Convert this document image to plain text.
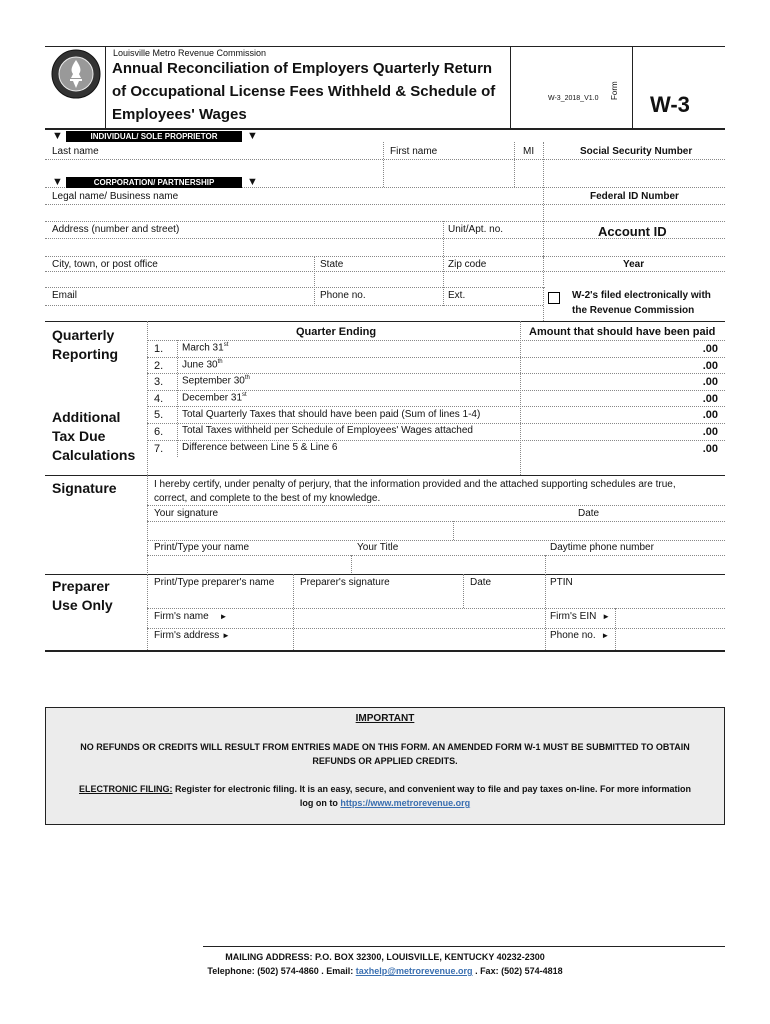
Louisville Metro Revenue Commission
Annual Reconciliation of Employers Quarterly Return
of Occupational License Fees Withheld & Schedule of
Employees' Wages
W-3_2018_V1.0 Form
W-3
▼	INDIVIDUAL/ SOLE PROPRIETOR	▼
Last name	First name	MI	Social Security Number
▼	CORPORATION/ PARTNERSHIP	▼
Legal name/ Business name	Federal ID Number
Address (number and street)	Unit/Apt. no.	Account ID
City, town, or post office	State	Zip code	Year
Email	Phone no.	Ext.	W-2's filed electronically with
the Revenue Commission
Quarterly
Reporting
Quarter Ending	Amount that should have been paid
1. March 31st	.00
2. June 30th	.00
3. September 30th	.00
4. December 31st	.00
Additional
Tax Due
Calculations
5. Total Quarterly Taxes that should have been paid (Sum of lines 1-4)	.00
6. Total Taxes withheld per Schedule of Employees' Wages attached	.00
7. Difference between Line 5 & Line 6	.00
Signature	I hereby certify, under penalty of perjury, that the information provided and the attached supporting schedules are true,
correct, and complete to the best of my knowledge.
Your signature	Date
Print/Type your name	Your Title	Daytime phone number
Preparer
Use Only
Print/Type preparer's name	Preparer's signature	Date	PTIN
Firm's name ►	Firm's EIN ►
Firm's address ►	Phone no. ►
IMPORTANT
NO REFUNDS OR CREDITS WILL RESULT FROM ENTRIES MADE ON THIS FORM. AN AMENDED FORM W-1 MUST BE SUBMITTED TO OBTAIN
REFUNDS OR APPLIED CREDITS.
ELECTRONIC FILING: Register for electronic filing. It is an easy, secure, and convenient way to file and pay taxes on-line. For more information
log on to https://www.metrorevenue.org
MAILING ADDRESS: P.O. BOX 32300, LOUISVILLE, KENTUCKY 40232-2300
Telephone: (502) 574-4860 . Email: taxhelp@metrorevenue.org . Fax: (502) 574-4818
